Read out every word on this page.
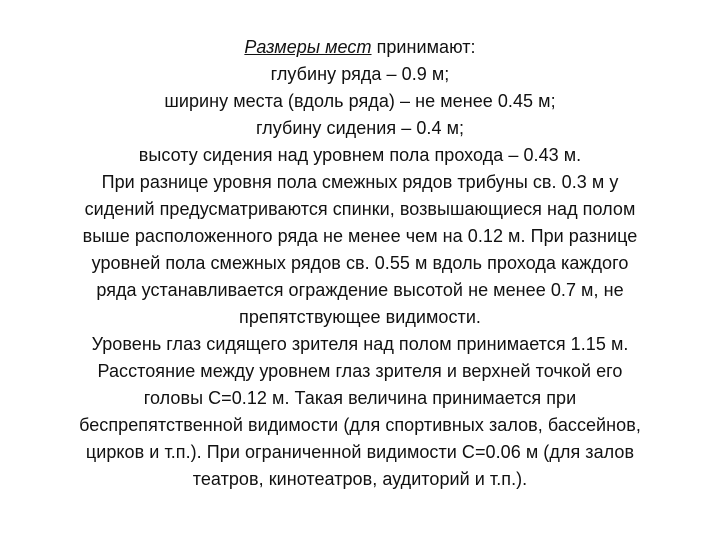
Размеры мест принимают:
глубину ряда – 0.9 м;
ширину места (вдоль ряда) – не менее 0.45 м;
глубину сидения – 0.4 м;
высоту сидения над уровнем пола прохода – 0.43 м.
При разнице уровня пола смежных рядов трибуны св. 0.3 м у
сидений предусматриваются спинки, возвышающиеся над полом
выше расположенного ряда не менее чем на 0.12 м. При разнице
уровней пола смежных рядов св. 0.55 м вдоль прохода каждого
ряда устанавливается ограждение высотой не менее 0.7 м, не
препятствующее видимости.
Уровень глаз сидящего зрителя над полом принимается 1.15 м.
Расстояние между уровнем глаз зрителя и верхней точкой его
головы С=0.12 м. Такая величина принимается при
беспрепятственной видимости (для спортивных залов, бассейнов,
цирков и т.п.). При ограниченной видимости С=0.06 м (для залов
театров, кинотеатров, аудиторий и т.п.).
